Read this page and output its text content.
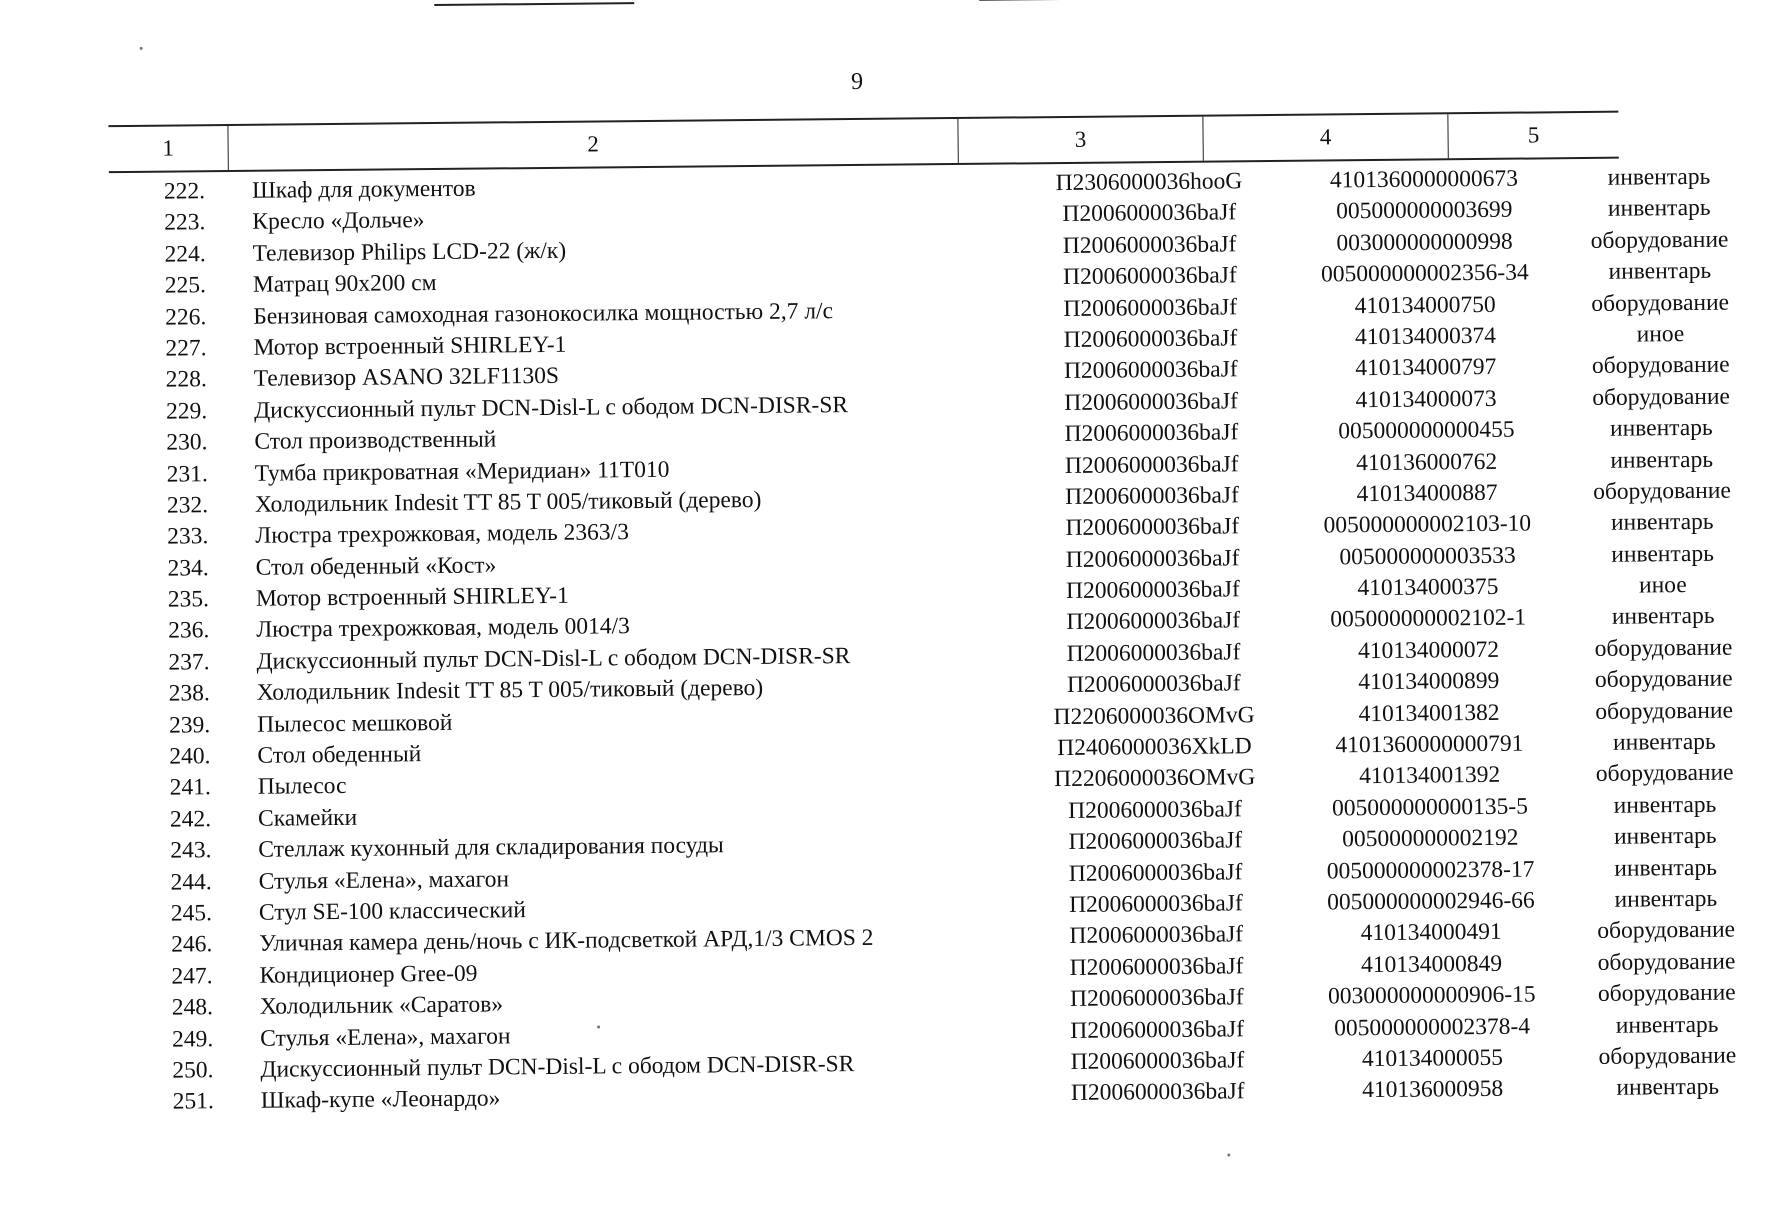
9
1	2	3	4	5
222. Шкаф для документов	П2306000036hooG	4101360000000673	инвентарь
223. Кресло «Дольче»	П2006000036baJf	005000000003699	инвентарь
224. Телевизор Philips LCD-22 (ж/к)	П2006000036baJf	003000000000998	оборудование
225. Матрац 90х200 см	П2006000036baJf	005000000002356-34	инвентарь
226. Бензиновая самоходная газонокосилка мощностью 2,7 л/с	П2006000036baJf	410134000750	оборудование
227. Мотор встроенный SHIRLEY-1	П2006000036baJf	410134000374	иное
228. Телевизор ASANO 32LF1130S	П2006000036baJf	410134000797	оборудование
229. Дискуссионный пульт DCN-Disl-L с ободом DCN-DISR-SR	П2006000036baJf	410134000073	оборудование
230. Стол производственный	П2006000036baJf	005000000000455	инвентарь
231. Тумба прикроватная «Меридиан» 11Т010	П2006000036baJf	410136000762	инвентарь
232. Холодильник Indesit TT 85 T 005/тиковый (дерево)	П2006000036baJf	410134000887	оборудование
233. Люстра трехрожковая, модель 2363/3	П2006000036baJf	005000000002103-10	инвентарь
234. Стол обеденный «Кост»	П2006000036baJf	005000000003533	инвентарь
235. Мотор встроенный SHIRLEY-1	П2006000036baJf	410134000375	иное
236. Люстра трехрожковая, модель 0014/3	П2006000036baJf	005000000002102-1	инвентарь
237. Дискуссионный пульт DCN-Disl-L с ободом DCN-DISR-SR	П2006000036baJf	410134000072	оборудование
238. Холодильник Indesit TT 85 T 005/тиковый (дерево)	П2006000036baJf	410134000899	оборудование
239. Пылесос мешковой	П2206000036OMvG	410134001382	оборудование
240. Стол обеденный	П2406000036XkLD	4101360000000791	инвентарь
241. Пылесос	П2206000036OMvG	410134001392	оборудование
242. Скамейки	П2006000036baJf	005000000000135-5	инвентарь
243. Стеллаж кухонный для складирования посуды	П2006000036baJf	005000000002192	инвентарь
244. Стулья «Елена», махагон	П2006000036baJf	005000000002378-17	инвентарь
245. Стул SE-100 классический	П2006000036baJf	005000000002946-66	инвентарь
246. Уличная камера день/ночь с ИК-подсветкой АРД,1/3 CMOS 2	П2006000036baJf	410134000491	оборудование
247. Кондиционер Gree-09	П2006000036baJf	410134000849	оборудование
248. Холодильник «Саратов»	П2006000036baJf	003000000000906-15	оборудование
249. Стулья «Елена», махагон	П2006000036baJf	005000000002378-4	инвентарь
250. Дискуссионный пульт DCN-Disl-L с ободом DCN-DISR-SR	П2006000036baJf	410134000055	оборудование
251. Шкаф-купе «Леонардо»	П2006000036baJf	410136000958	инвентарь
